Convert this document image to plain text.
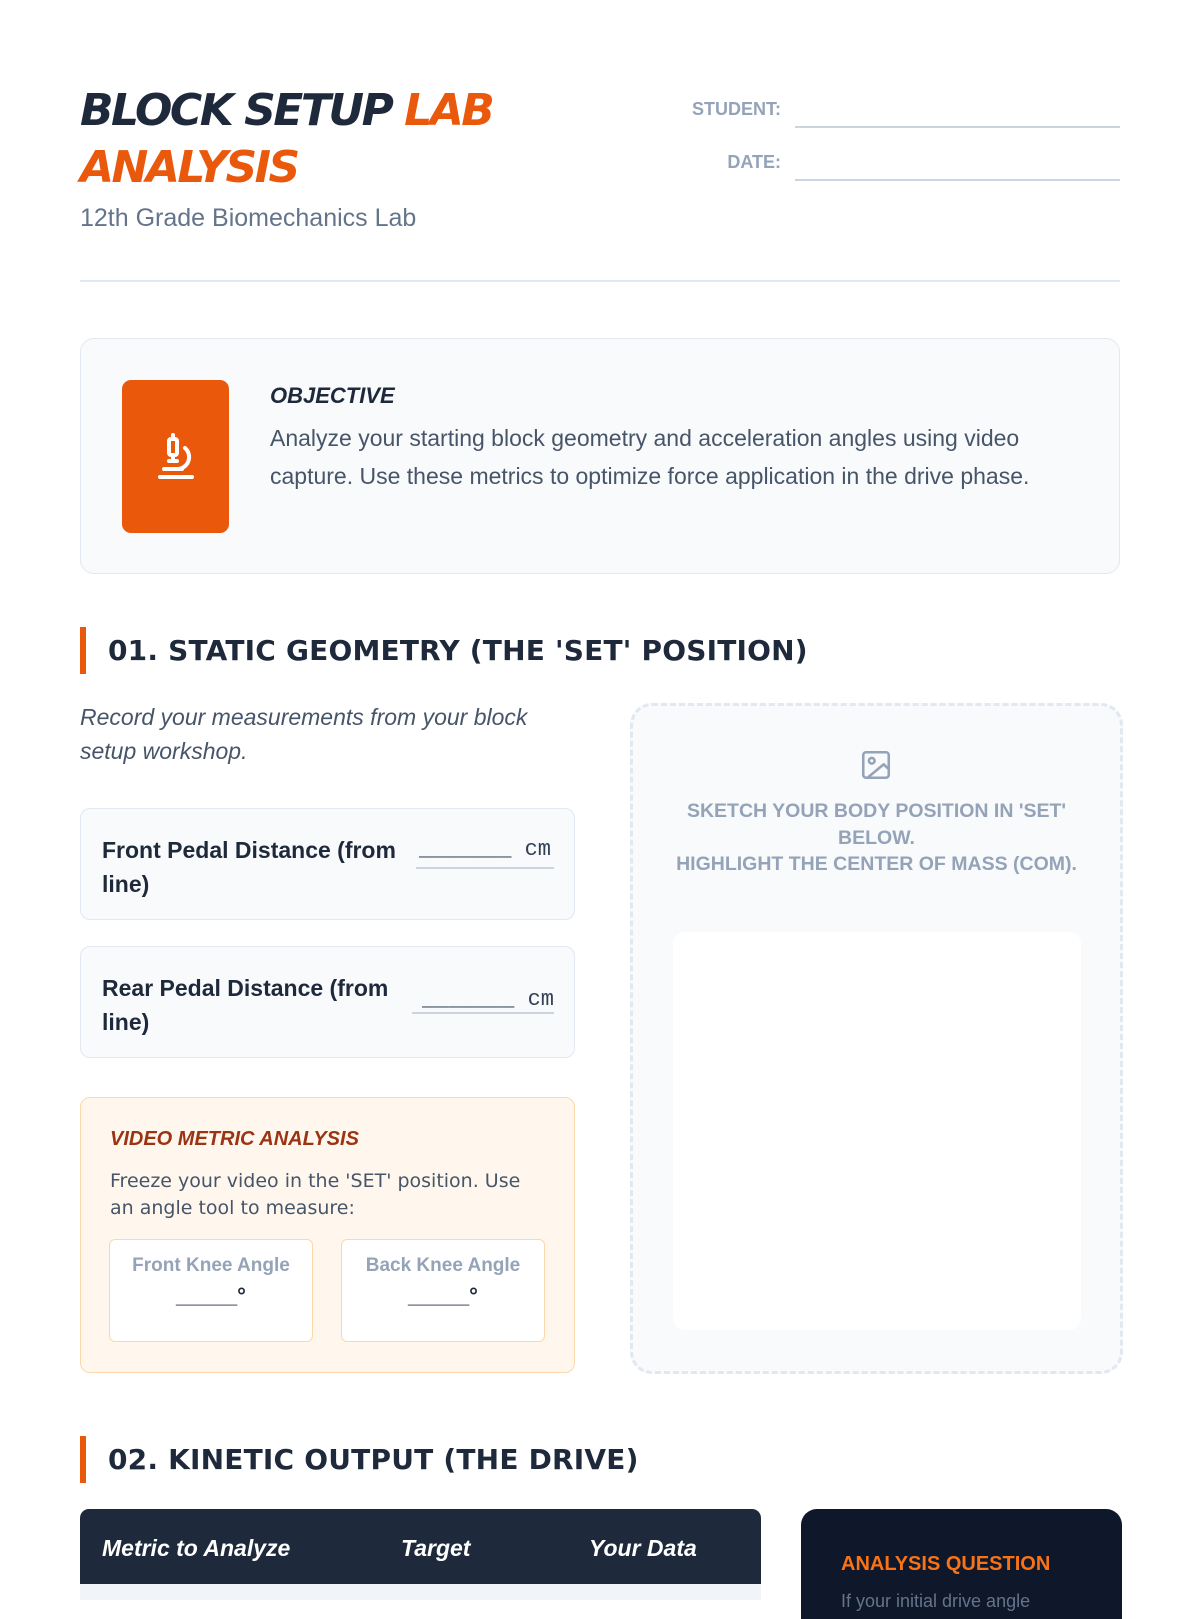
BLOCK SETUP LAB ANALYSIS
12th Grade Biomechanics Lab
STUDENT:
DATE:
OBJECTIVE
Analyze your starting block geometry and acceleration angles using video capture. Use these metrics to optimize force application in the drive phase.
01. STATIC GEOMETRY (THE 'SET' POSITION)
Record your measurements from your block setup workshop.
Front Pedal Distance (from line)
_______ cm
Rear Pedal Distance (from line)
_______ cm
VIDEO METRIC ANALYSIS
Freeze your video in the 'SET' position. Use an angle tool to measure:
Front Knee Angle
_____°
Back Knee Angle
_____°
SKETCH YOUR BODY POSITION IN 'SET' BELOW.
HIGHLIGHT THE CENTER OF MASS (COM).
02. KINETIC OUTPUT (THE DRIVE)
Metric to Analyze	Target	Your Data
ANALYSIS QUESTION
If your initial drive angle
